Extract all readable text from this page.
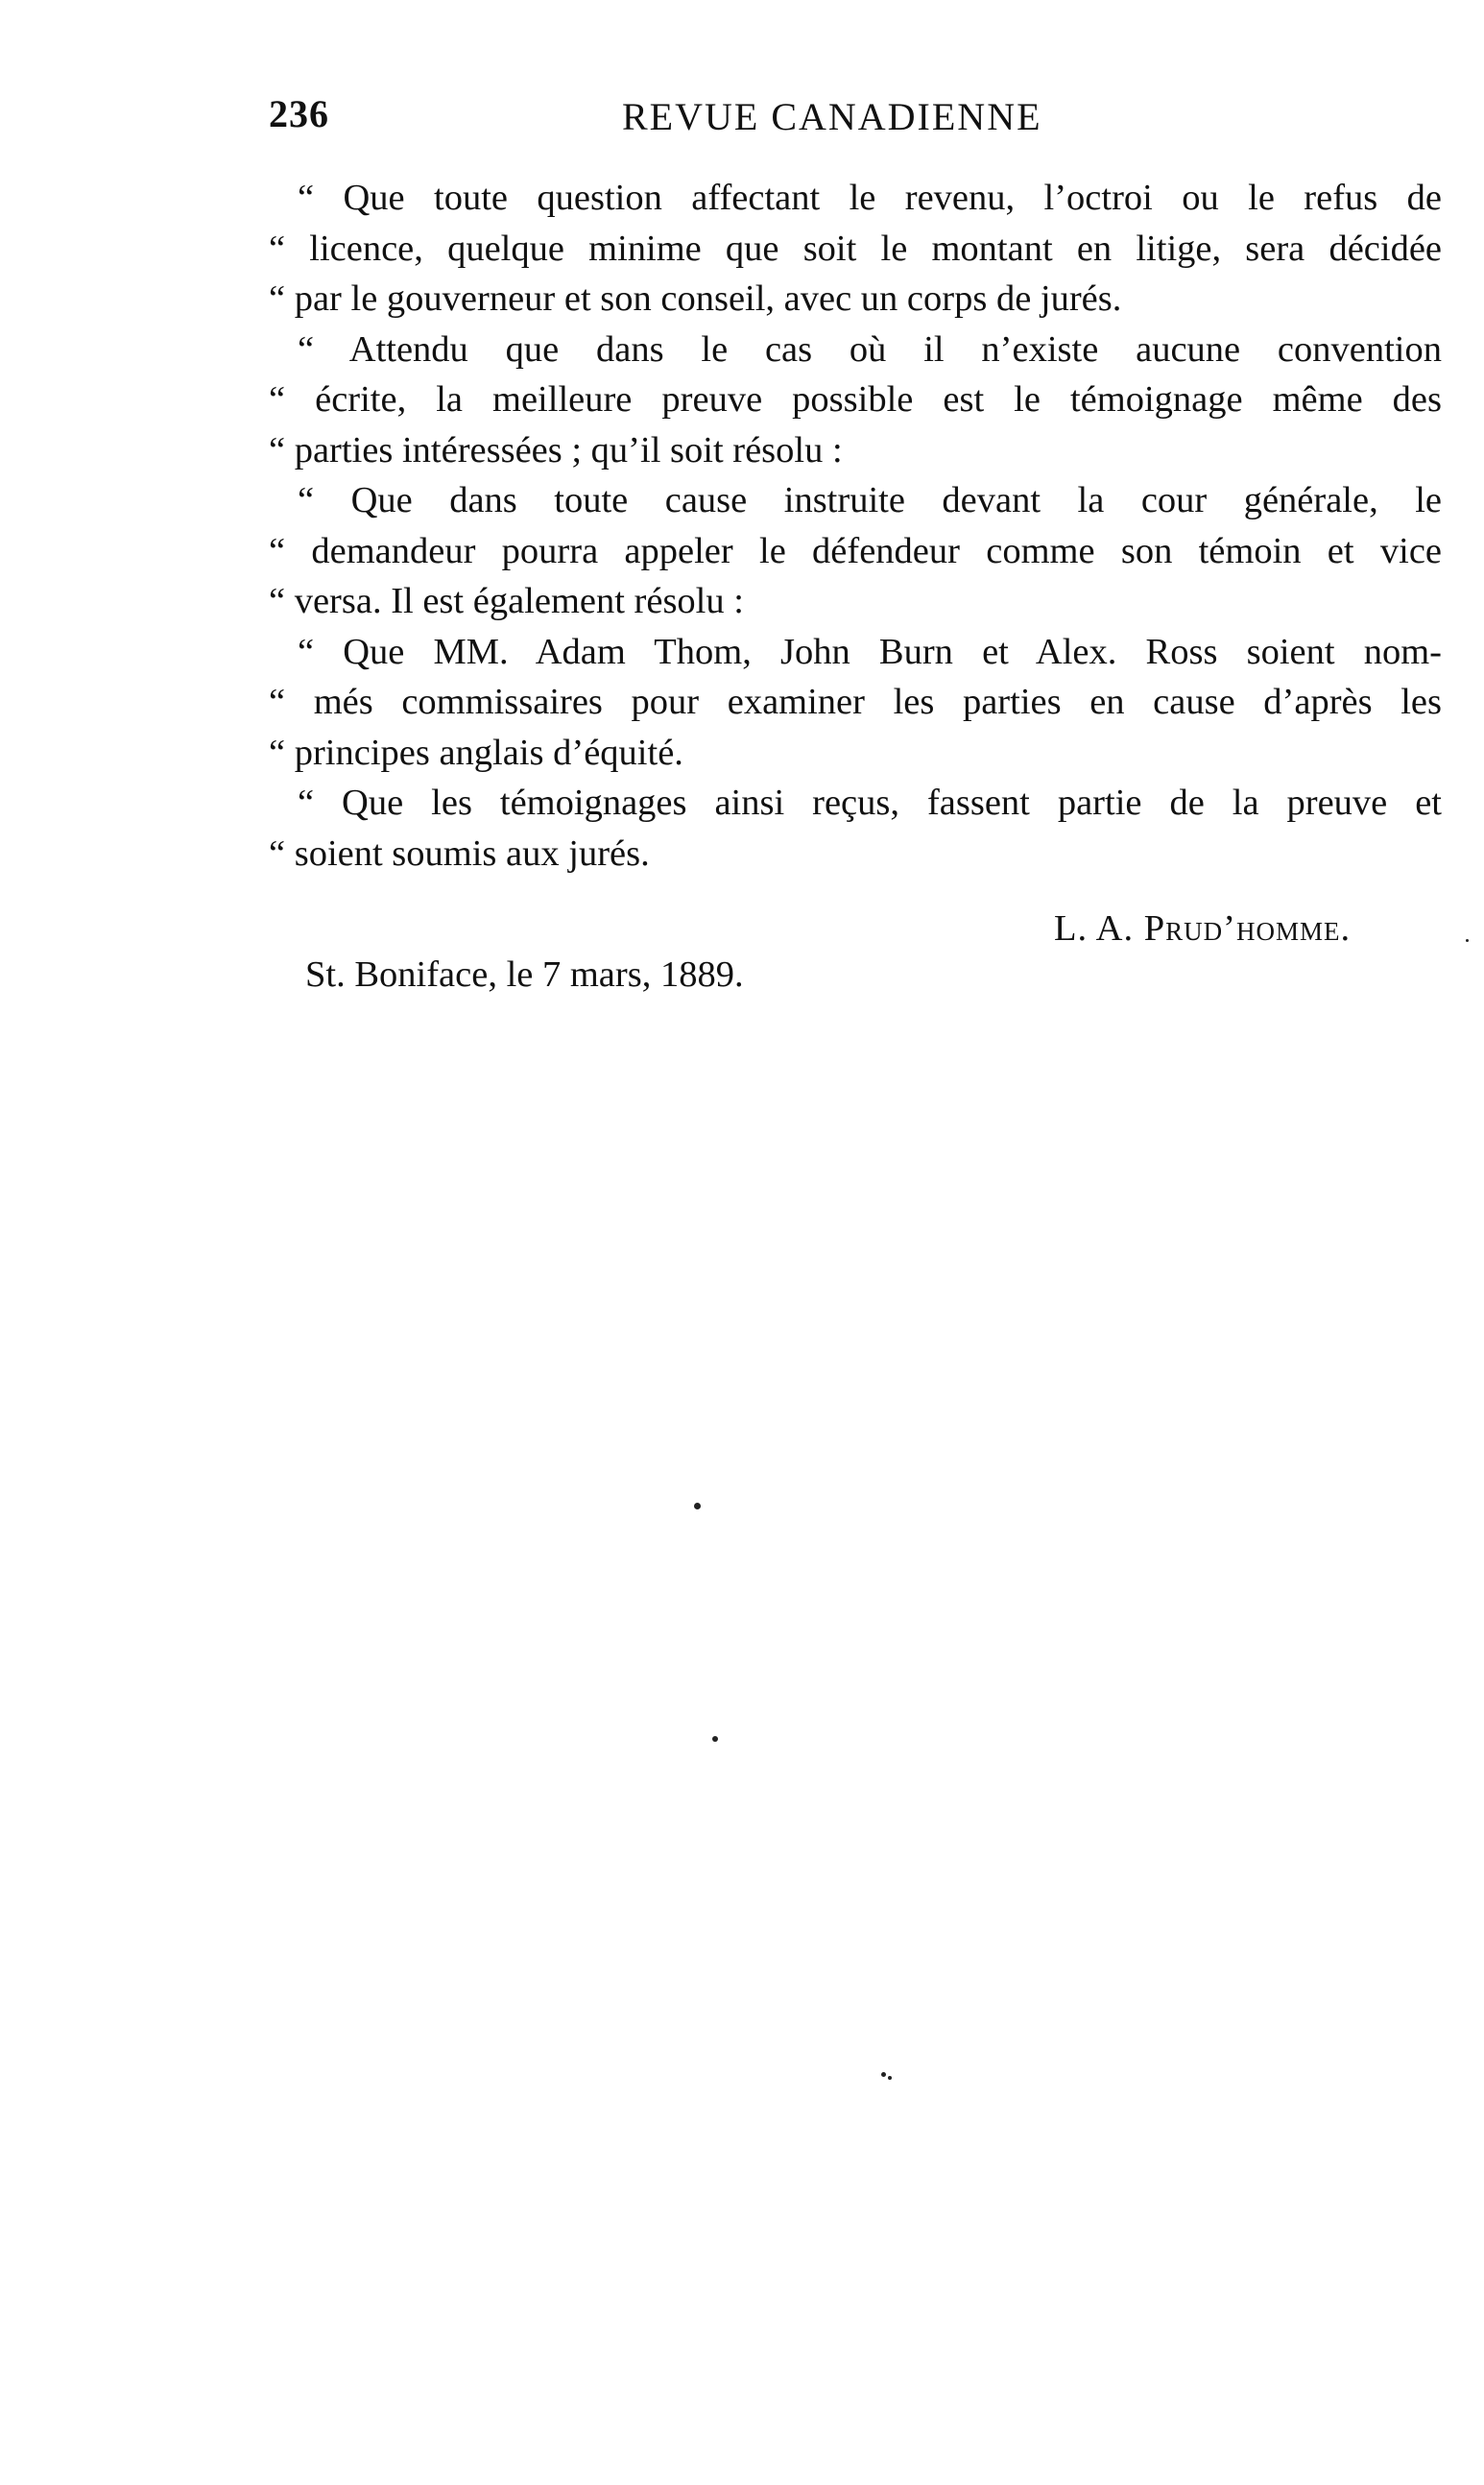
236	REVUE CANADIENNE
“ Que toute question affectant le revenu, l’octroi ou le refus de
“ licence, quelque minime que soit le montant en litige, sera décidée
“ par le gouverneur et son conseil, avec un corps de jurés.
“ Attendu que dans le cas où il n’existe aucune convention
“ écrite, la meilleure preuve possible est le témoignage même des
“ parties intéressées ; qu’il soit résolu :
“ Que dans toute cause instruite devant la cour générale, le
“ demandeur pourra appeler le défendeur comme son témoin et vice
“ versa. Il est également résolu :
“ Que MM. Adam Thom, John Burn et Alex. Ross soient nom-
“ més commissaires pour examiner les parties en cause d’après les
“ principes anglais d’équité.
“ Que les témoignages ainsi reçus, fassent partie de la preuve et
“ soient soumis aux jurés.
L. A. Prud’homme.
St. Boniface, le 7 mars, 1889.
